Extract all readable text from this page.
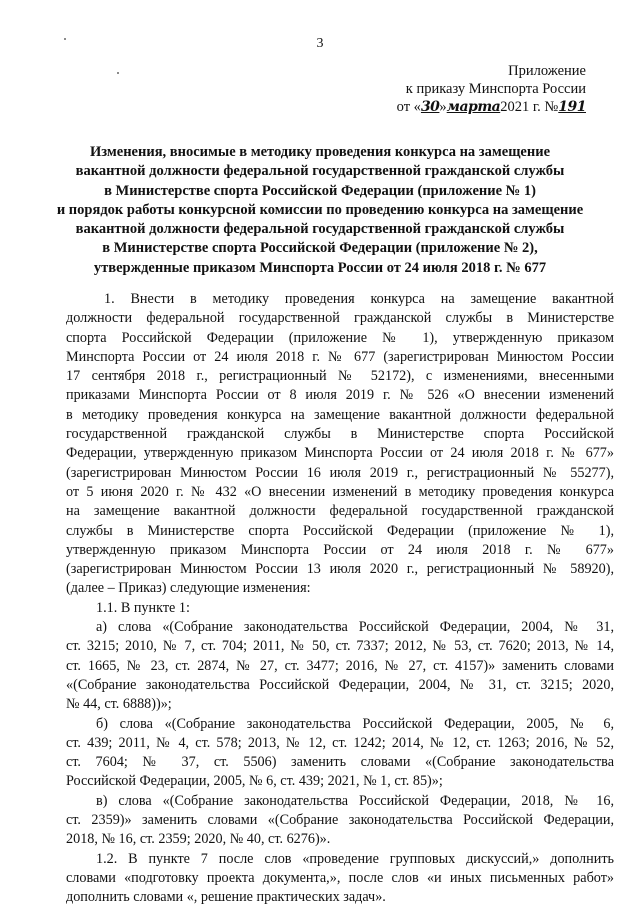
3
Приложение
к приказу Минспорта России
от «30»марта2021 г. №191
Изменения, вносимые в методику проведения конкурса на замещение
вакантной должности федеральной государственной гражданской службы
в Министерстве спорта Российской Федерации (приложение № 1)
и порядок работы конкурсной комиссии по проведению конкурса на замещение
вакантной должности федеральной государственной гражданской службы
в Министерстве спорта Российской Федерации (приложение № 2),
утвержденные приказом Минспорта России от 24 июля 2018 г. № 677
1. Внести в методику проведения конкурса на замещение вакантной
должности федеральной государственной гражданской службы в Министерстве
спорта Российской Федерации (приложение № 1), утвержденную приказом
Минспорта России от 24 июля 2018 г. № 677 (зарегистрирован Минюстом России
17 сентября 2018 г., регистрационный № 52172), с изменениями, внесенными
приказами Минспорта России от 8 июля 2019 г. № 526 «О внесении изменений
в методику проведения конкурса на замещение вакантной должности федеральной
государственной гражданской службы в Министерстве спорта Российской
Федерации, утвержденную приказом Минспорта России от 24 июля 2018 г. № 677»
(зарегистрирован Минюстом России 16 июля 2019 г., регистрационный № 55277),
от 5 июня 2020 г. № 432 «О внесении изменений в методику проведения конкурса
на замещение вакантной должности федеральной государственной гражданской
службы в Министерстве спорта Российской Федерации (приложение № 1),
утвержденную приказом Минспорта России от 24 июля 2018 г. № 677»
(зарегистрирован Минюстом России 13 июля 2020 г., регистрационный № 58920),
(далее – Приказ) следующие изменения:
1.1. В пункте 1:
а) слова «(Собрание законодательства Российской Федерации, 2004, № 31,
ст. 3215; 2010, № 7, ст. 704; 2011, № 50, ст. 7337; 2012, № 53, ст. 7620; 2013, № 14,
ст. 1665, № 23, ст. 2874, № 27, ст. 3477; 2016, № 27, ст. 4157)» заменить словами
«(Собрание законодательства Российской Федерации, 2004, № 31, ст. 3215; 2020,
№ 44, ст. 6888))»;
б) слова «(Собрание законодательства Российской Федерации, 2005, № 6,
ст. 439; 2011, № 4, ст. 578; 2013, № 12, ст. 1242; 2014, № 12, ст. 1263; 2016, № 52,
ст. 7604; № 37, ст. 5506) заменить словами «(Собрание законодательства
Российской Федерации, 2005, № 6, ст. 439; 2021, № 1, ст. 85)»;
в) слова «(Собрание законодательства Российской Федерации, 2018, № 16,
ст. 2359)» заменить словами «(Собрание законодательства Российской Федерации,
2018, № 16, ст. 2359; 2020, № 40, ст. 6276)».
1.2. В пункте 7 после слов «проведение групповых дискуссий,» дополнить
словами «подготовку проекта документа,», после слов «и иных письменных работ»
дополнить словами «, решение практических задач».
